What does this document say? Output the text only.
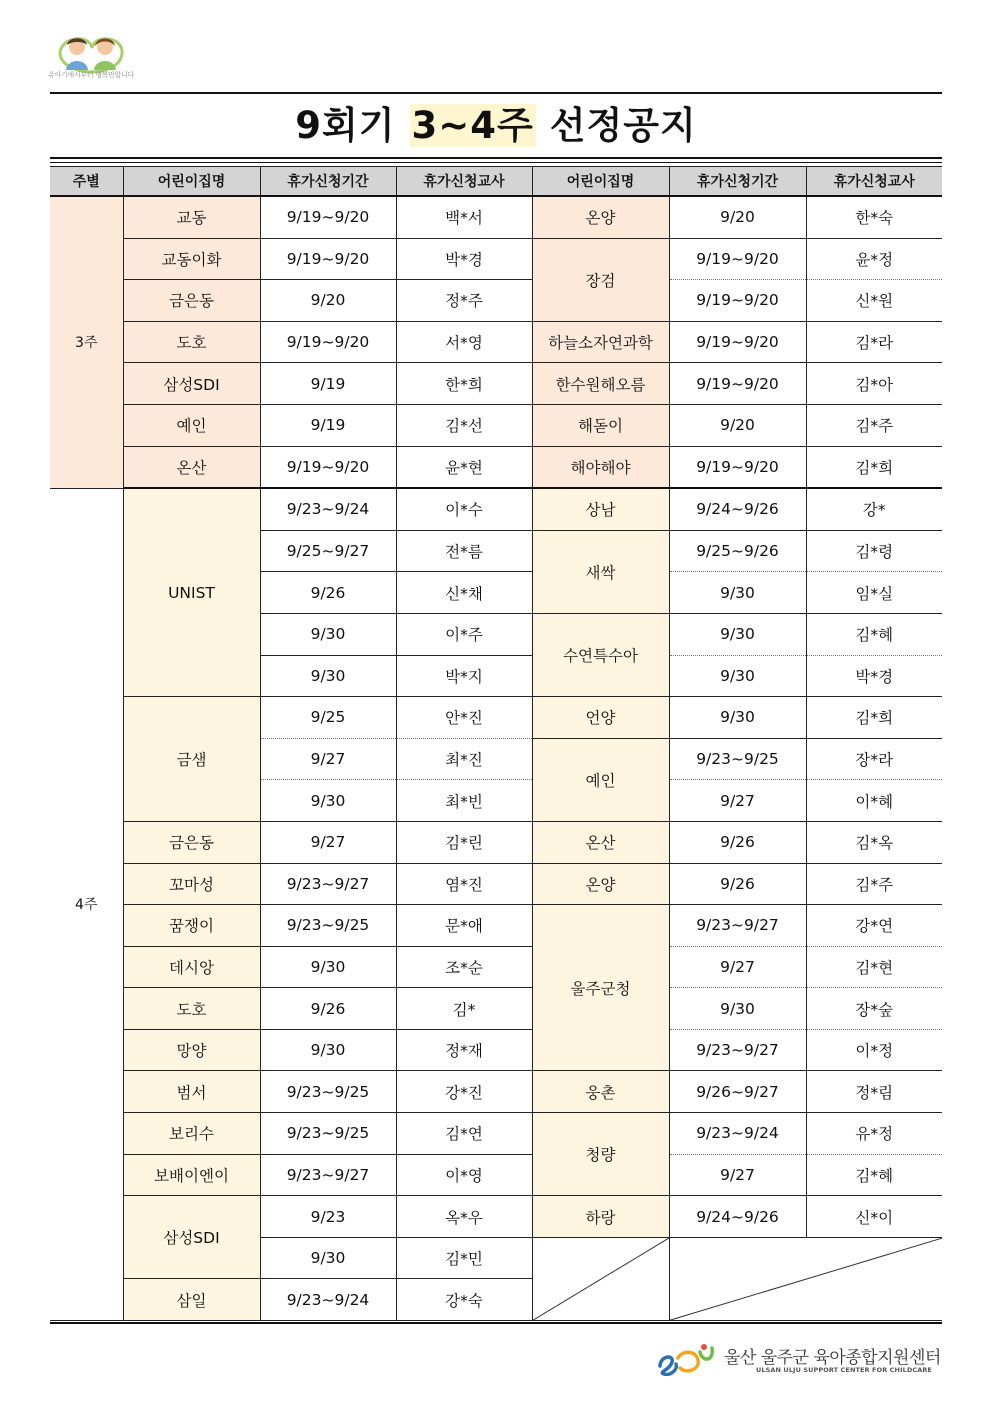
유아기에서부터 행복만합니다
9회기 3~4주 선정공지
주별	어린이집명	휴가신청기간	휴가신청교사	어린이집명	휴가신청기간	휴가신청교사
3주	교동	9/19~9/20	백*서	온양	9/20	한*숙
	교동이화	9/19~9/20	박*경	장검	9/19~9/20	윤*정
	금은동	9/20	정*주		9/19~9/20	신*원
	도호	9/19~9/20	서*영	하늘소자연과학	9/19~9/20	김*라
	삼성SDI	9/19	한*희	한수원해오름	9/19~9/20	김*아
	예인	9/19	김*선	해돋이	9/20	김*주
	온산	9/19~9/20	윤*현	해야해야	9/19~9/20	김*희
4주	UNIST	9/23~9/24	이*수	상남	9/24~9/26	강*
		9/25~9/27	전*름	새싹	9/25~9/26	김*령
		9/26	신*채		9/30	임*실
		9/30	이*주	수연특수아	9/30	김*혜
		9/30	박*지		9/30	박*경
	금샘	9/25	안*진	언양	9/30	김*희
		9/27	최*진	예인	9/23~9/25	장*라
		9/30	최*빈		9/27	이*혜
	금은동	9/27	김*린	온산	9/26	김*옥
	꼬마성	9/23~9/27	염*진	온양	9/26	김*주
	꿈쟁이	9/23~9/25	문*애	울주군청	9/23~9/27	강*연
	데시앙	9/30	조*순		9/27	김*현
	도호	9/26	김*		9/30	장*숲
	망양	9/30	정*재		9/23~9/27	이*정
	범서	9/23~9/25	강*진	웅촌	9/26~9/27	정*림
	보리수	9/23~9/25	김*연	청량	9/23~9/24	유*정
	보배이엔이	9/23~9/27	이*영		9/27	김*혜
	삼성SDI	9/23	옥*우	하랑	9/24~9/26	신*이
		9/30	김*민	

	삼일	9/23~9/24	강*숙			
울산 울주군 육아종합지원센터
ULSAN ULJU SUPPORT CENTER FOR CHILDCARE
